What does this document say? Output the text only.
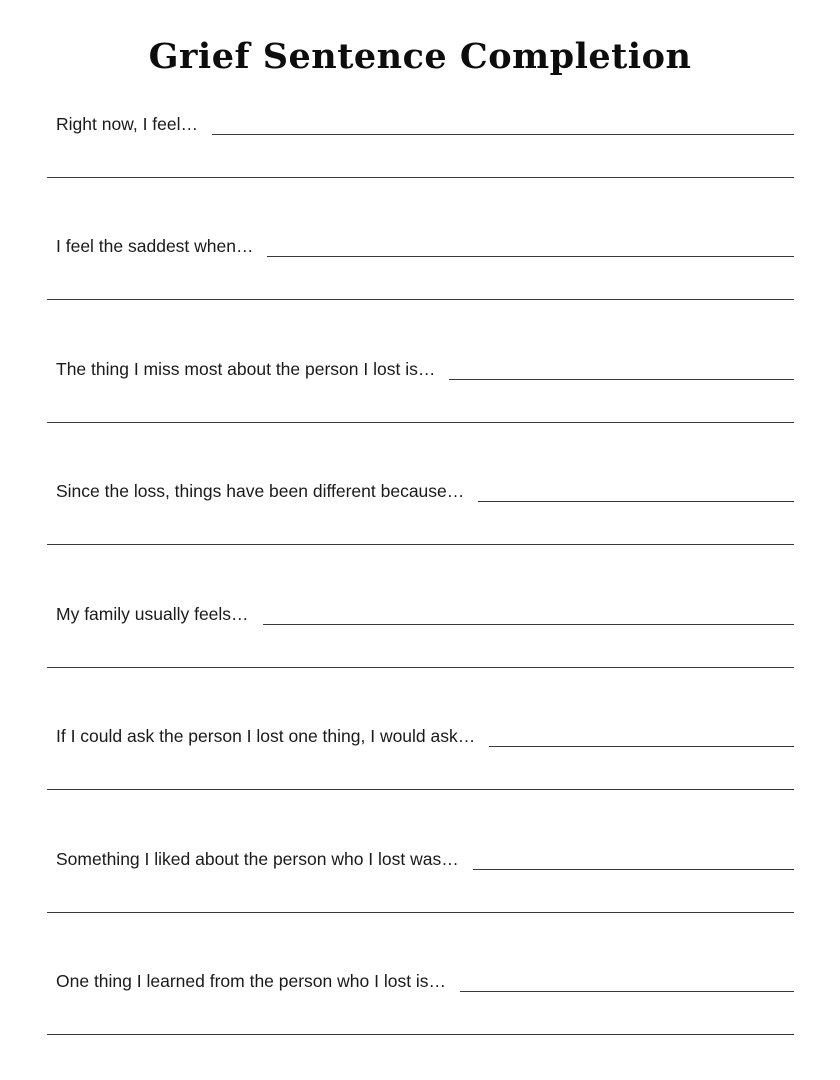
Grief Sentence Completion
Right now, I feel…
I feel the saddest when…
The thing I miss most about the person I lost is…
Since the loss, things have been different because…
My family usually feels…
If I could ask the person I lost one thing, I would ask…
Something I liked about the person who I lost was…
One thing I learned from the person who I lost is…
